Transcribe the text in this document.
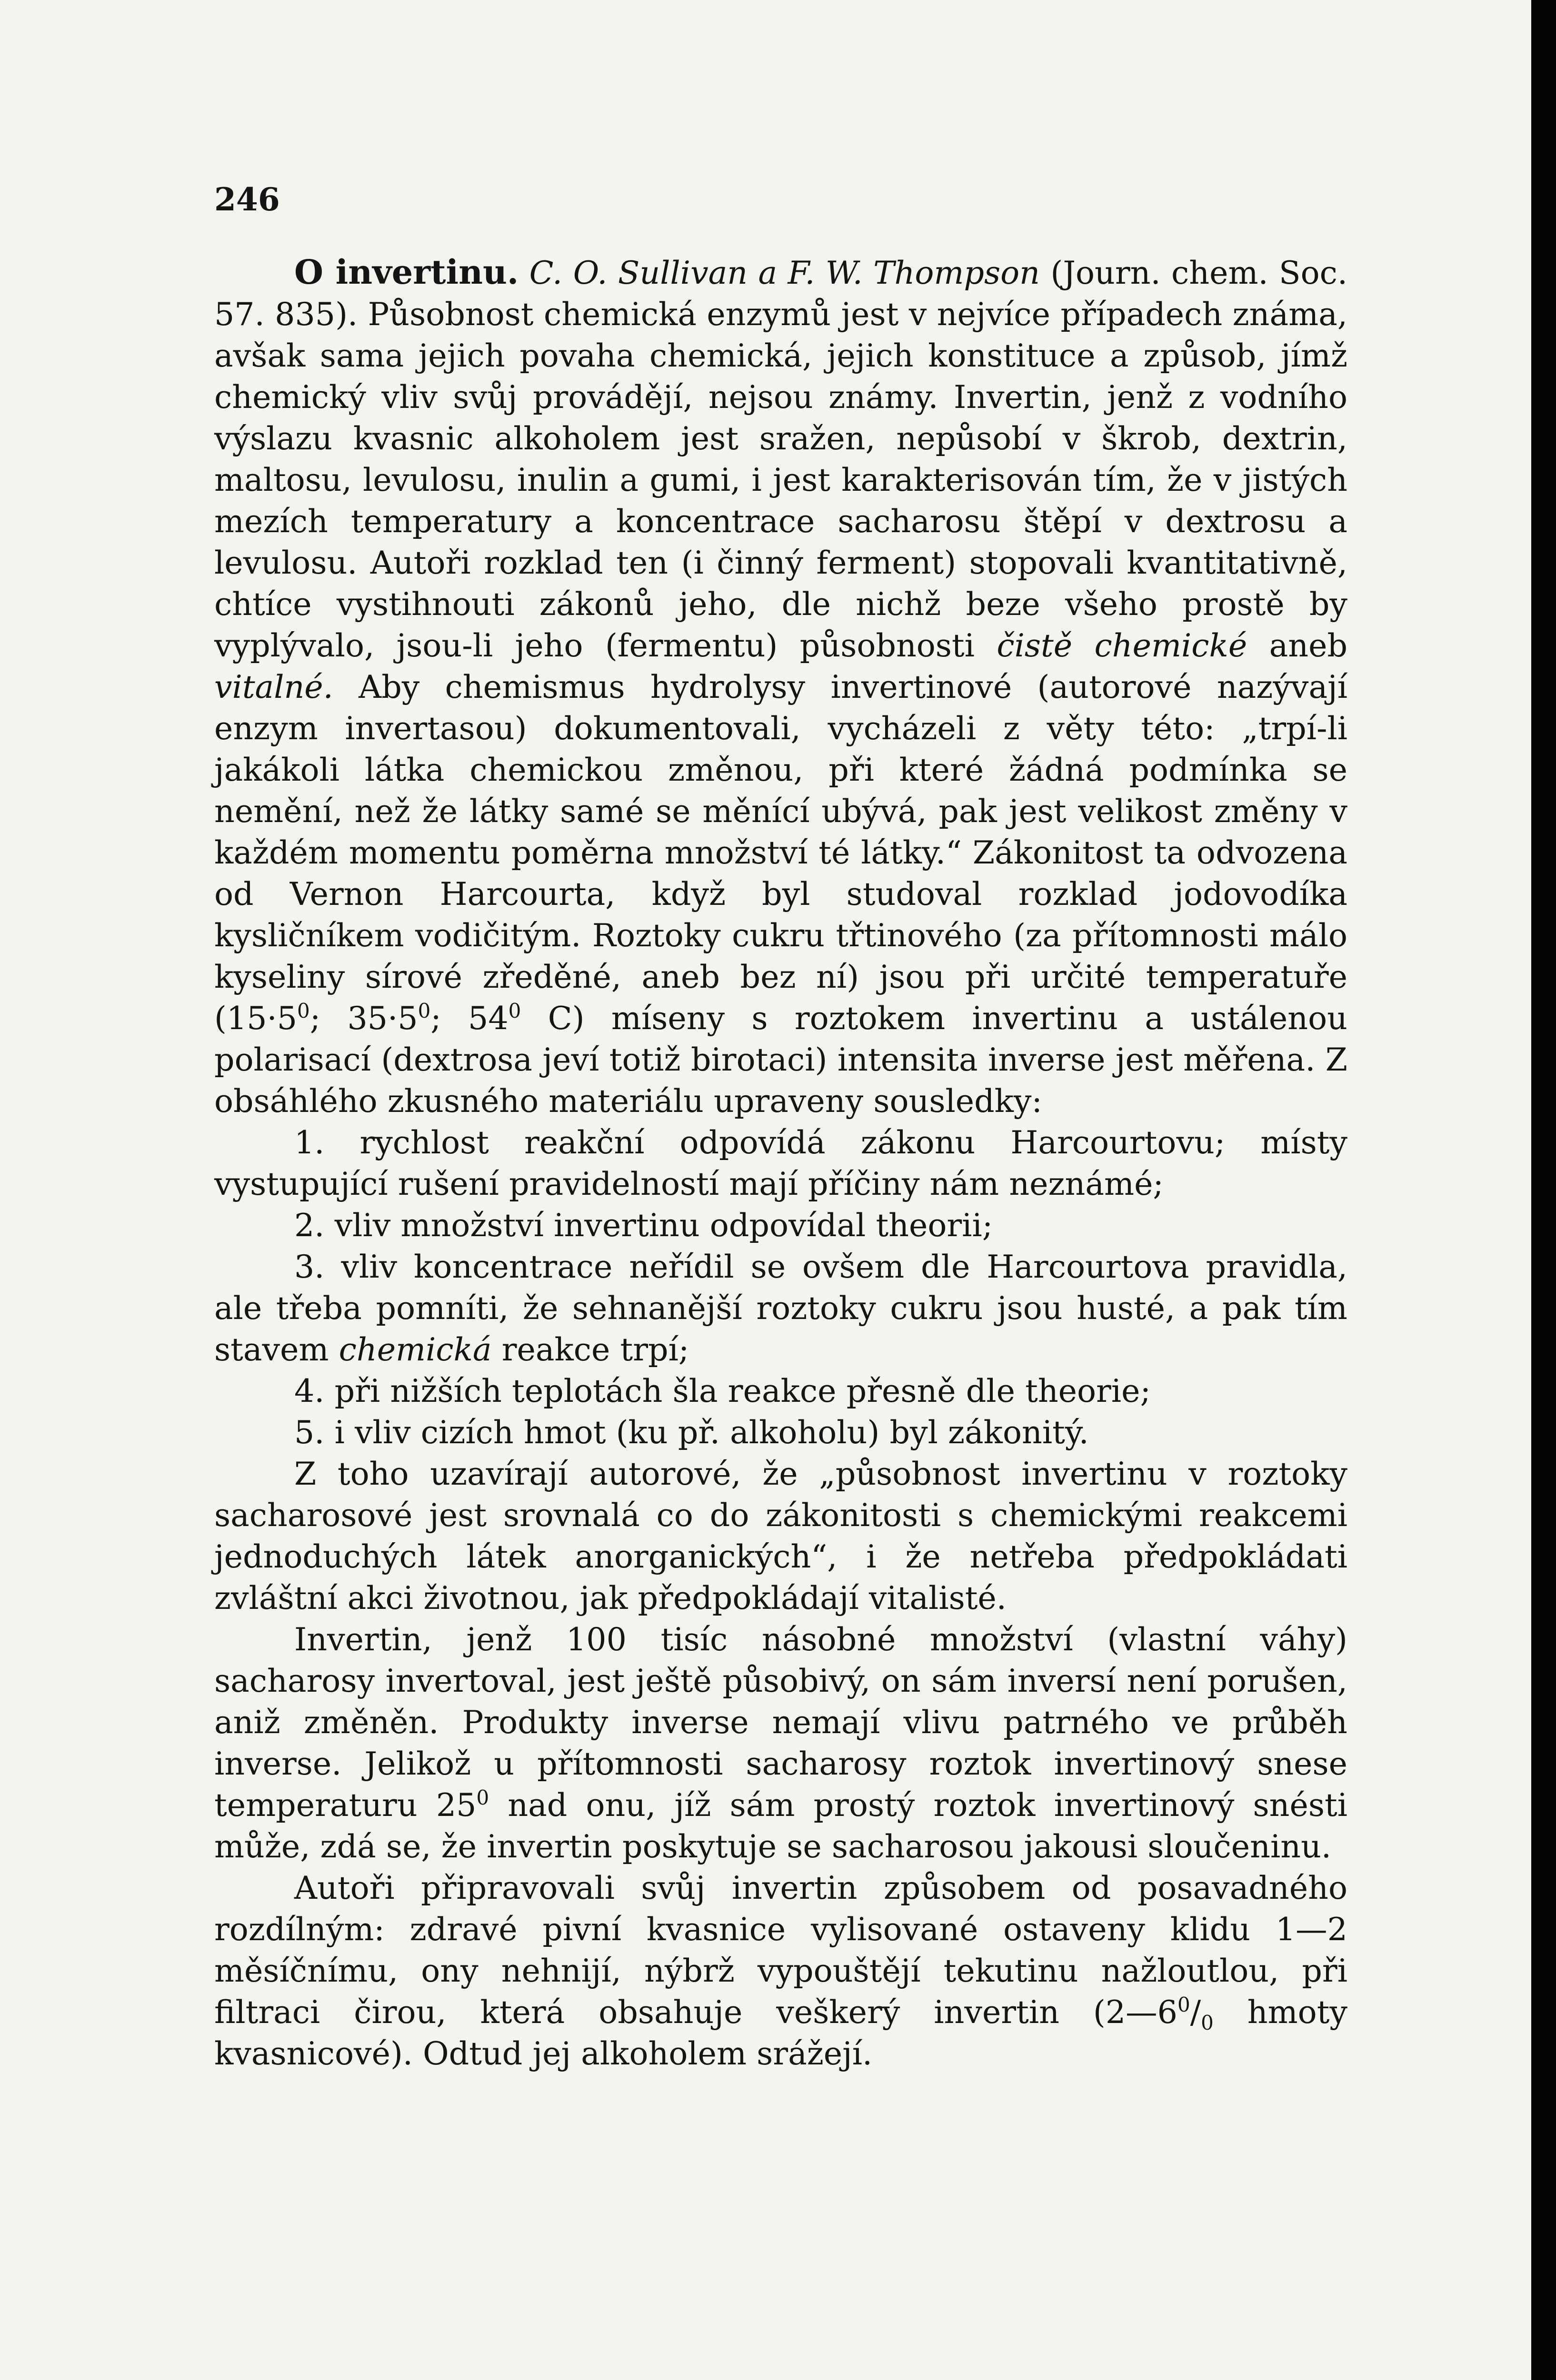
246

O invertinu. C. O. Sullivan a F. W. Thompson (Journ. chem. Soc. 57. 835). Působnost chemická enzymů jest v nejvíce případech známa, avšak sama jejich povaha chemická, jejich konstituce a způsob, jímž chemický vliv svůj provádějí, nejsou známy. Invertin, jenž z vodního výslazu kvasnic alkoholem jest sražen, nepůsobí v škrob, dextrin, maltosu, levulosu, inulin a gumi, i jest karakterisován tím, že v jistých mezích temperatury a koncentrace sacharosu štěpí v dextrosu a levulosu. Autoři rozklad ten (i činný ferment) stopovali kvantitativně, chtíce vystihnouti zákonů jeho, dle nichž beze všeho prostě by vyplývalo, jsou-li jeho (fermentu) působnosti čistě chemické aneb vitalné. Aby chemismus hydrolysy invertinové (autorové nazývají enzym invertasou) dokumentovali, vycházeli z věty této: „trpí-li jakákoli látka chemickou změnou, při které žádná podmínka se nemění, než že látky samé se měnící ubývá, pak jest velikost změny v každém momentu poměrna množství té látky.“ Zákonitost ta odvozena od Vernon Harcourta, když byl studoval rozklad jodovodíka kysličníkem vodičitým. Roztoky cukru třtinového (za přítomnosti málo kyseliny sírové zředěné, aneb bez ní) jsou při určité temperatuře ($15\cdot 5^0$; $35\cdot 5^0$; $54^0$ C) míseny s roztokem invertinu a ustálenou polarisací (dextrosa jeví totiž birotaci) intensita inverse jest měřena. Z obsáhlého zkusného materiálu upraveny sousledky:

1. rychlost reakční odpovídá zákonu Harcourtovu; místy vystupující rušení pravidelností mají příčiny nám neznámé;

2. vliv množství invertinu odpovídal theorii;

3. vliv koncentrace neřídil se ovšem dle Harcourtova pravidla, ale třeba pomníti, že sehnanější roztoky cukru jsou husté, a pak tím stavem chemická reakce trpí;

4. při nižších teplotách šla reakce přesně dle theorie;

5. i vliv cizích hmot (ku př. alkoholu) byl zákonitý.

Z toho uzavírají autorové, že „působnost invertinu v roztoky sacharosové jest srovnalá co do zákonitosti s chemickými reakcemi jednoduchých látek anorganických“, i že netřeba předpokládati zvláštní akci životnou, jak předpokládají vitalisté.

Invertin, jenž 100 tisíc násobné množství (vlastní váhy) sacharosy invertoval, jest ještě působivý, on sám inversí není porušen, aniž změněn. Produkty inverse nemají vlivu patrného ve průběh inverse. Jelikož u přítomnosti sacharosy roztok invertinový snese temperaturu $25^0$ nad onu, jíž sám prostý roztok invertinový snésti může, zdá se, že invertin poskytuje se sacharosou jakousi sloučeninu.

Autoři připravovali svůj invertin způsobem od posavadného rozdílným: zdravé pivní kvasnice vylisované ostaveny klidu 1—2 měsíčnímu, ony nehnijí, nýbrž vypouštějí tekutinu nažloutlou, při filtraci čirou, která obsahuje veškerý invertin ($2—6^0/_0$ hmoty kvasnicové). Odtud jej alkoholem srážejí.
